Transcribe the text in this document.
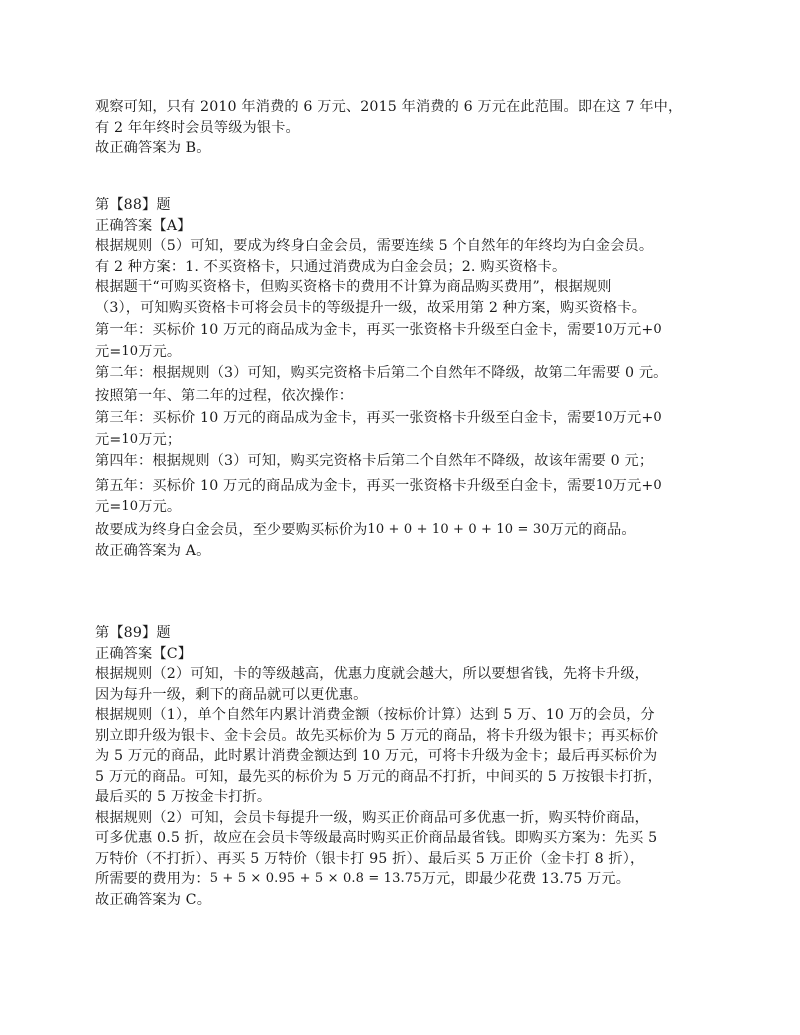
观察可知，只有 2010 年消费的 6 万元、2015 年消费的 6 万元在此范围。即在这 7 年中，
有 2 年年终时会员等级为银卡。
故正确答案为 B。
第【88】题
正确答案【A】
根据规则（5）可知，要成为终身白金会员，需要连续 5 个自然年的年终均为白金会员。
有 2 种方案：1. 不买资格卡，只通过消费成为白金会员；2. 购买资格卡。
根据题干“可购买资格卡，但购买资格卡的费用不计算为商品购买费用”，根据规则
（3），可知购买资格卡可将会员卡的等级提升一级，故采用第 2 种方案，购买资格卡。
第一年：买标价 10 万元的商品成为金卡，再买一张资格卡升级至白金卡，需要10万元+0
元=10万元。
第二年：根据规则（3）可知，购买完资格卡后第二个自然年不降级，故第二年需要 0 元。
按照第一年、第二年的过程，依次操作：
第三年：买标价 10 万元的商品成为金卡，再买一张资格卡升级至白金卡，需要10万元+0
元=10万元；
第四年：根据规则（3）可知，购买完资格卡后第二个自然年不降级，故该年需要 0 元；
第五年：买标价 10 万元的商品成为金卡，再买一张资格卡升级至白金卡，需要10万元+0
元=10万元。
故要成为终身白金会员，至少要购买标价为10 + 0 + 10 + 0 + 10 = 30万元的商品。
故正确答案为 A。
第【89】题
正确答案【C】
根据规则（2）可知，卡的等级越高，优惠力度就会越大，所以要想省钱，先将卡升级，
因为每升一级，剩下的商品就可以更优惠。
根据规则（1），单个自然年内累计消费金额（按标价计算）达到 5 万、10 万的会员，分
别立即升级为银卡、金卡会员。故先买标价为 5 万元的商品，将卡升级为银卡；再买标价
为 5 万元的商品，此时累计消费金额达到 10 万元，可将卡升级为金卡；最后再买标价为
5 万元的商品。可知，最先买的标价为 5 万元的商品不打折，中间买的 5 万按银卡打折，
最后买的 5 万按金卡打折。
根据规则（2）可知，会员卡每提升一级，购买正价商品可多优惠一折，购买特价商品，
可多优惠 0.5 折，故应在会员卡等级最高时购买正价商品最省钱。即购买方案为：先买 5
万特价（不打折）、再买 5 万特价（银卡打 95 折）、最后买 5 万正价（金卡打 8 折），
所需要的费用为：5 + 5 × 0.95 + 5 × 0.8 = 13.75万元，即最少花费 13.75 万元。
故正确答案为 C。
